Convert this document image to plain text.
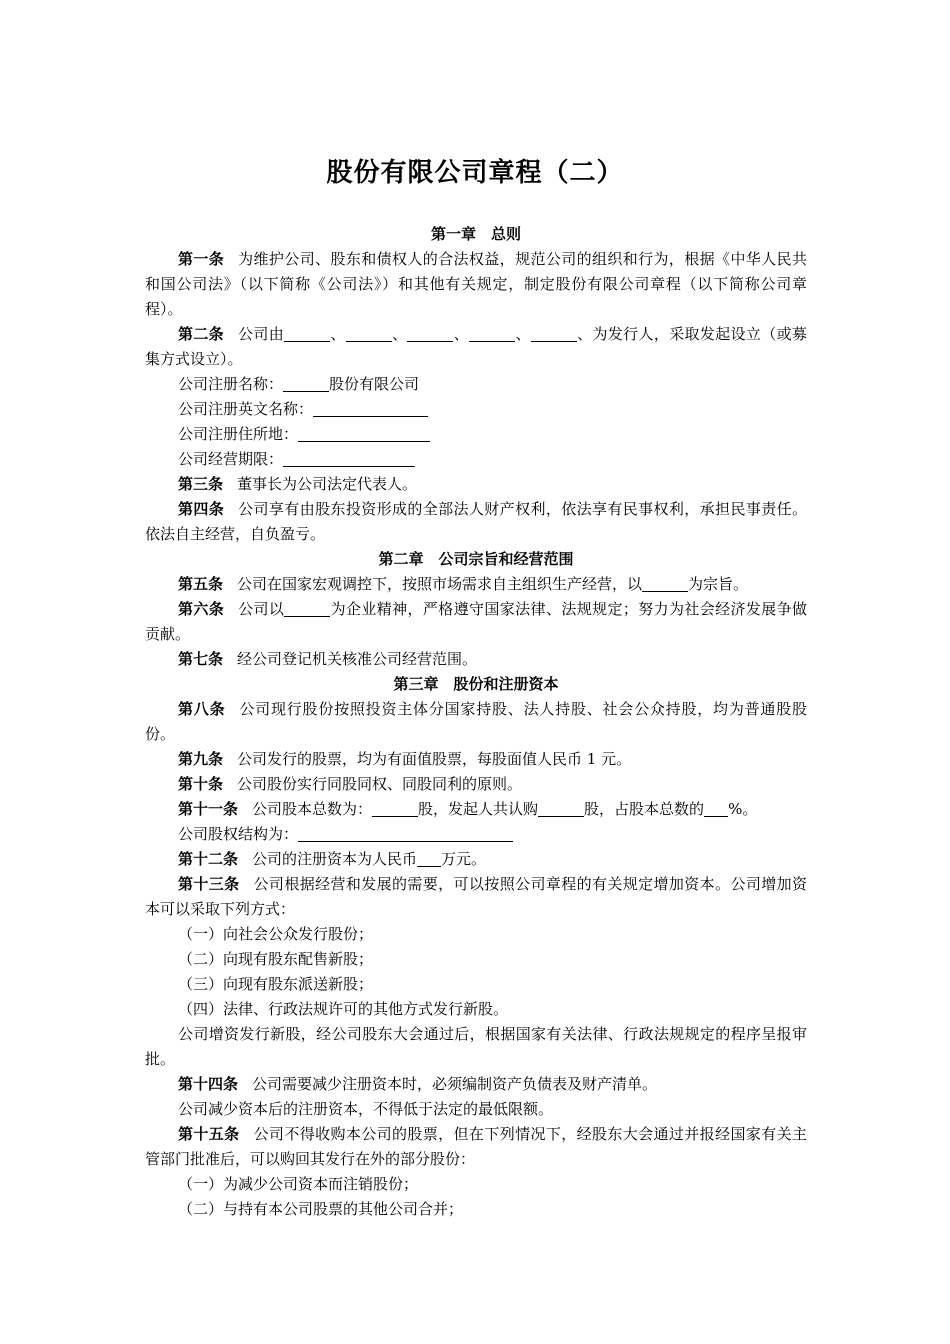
股份有限公司章程（二）
第一章　总则

第一条 为维护公司、股东和债权人的合法权益，规范公司的组织和行为，根据《中华人民共和国公司法》（以下简称《公司法》）和其他有关规定，制定股份有限公司章程（以下简称公司章程）。

第二条 公司由	、	、	、	、	、为发行人，采取发起设立（或募集方式设立）。

公司注册名称：	股份有限公司

公司注册英文名称：

公司注册住所地：

公司经营期限：

第三条 董事长为公司法定代表人。

第四条 公司享有由股东投资形成的全部法人财产权利，依法享有民事权利，承担民事责任。依法自主经营，自负盈亏。

第二章　公司宗旨和经营范围

第五条 公司在国家宏观调控下，按照市场需求自主组织生产经营，以	为宗旨。

第六条 公司以	为企业精神，严格遵守国家法律、法规规定；努力为社会经济发展争做贡献。

第七条 经公司登记机关核准公司经营范围。

第三章　股份和注册资本

第八条 公司现行股份按照投资主体分国家持股、法人持股、社会公众持股，均为普通股股份。

第九条 公司发行的股票，均为有面值股票，每股面值人民币 1 元。

第十条 公司股份实行同股同权、同股同利的原则。

第十一条 公司股本总数为：	股，发起人共认购	股，占股本总数的 %。

公司股权结构为：

第十二条 公司的注册资本为人民币 万元。

第十三条 公司根据经营和发展的需要，可以按照公司章程的有关规定增加资本。公司增加资本可以采取下列方式：

（一）向社会公众发行股份；

（二）向现有股东配售新股；

（三）向现有股东派送新股；

（四）法律、行政法规许可的其他方式发行新股。

公司增资发行新股，经公司股东大会通过后，根据国家有关法律、行政法规规定的程序呈报审批。

第十四条 公司需要减少注册资本时，必须编制资产负债表及财产清单。

公司减少资本后的注册资本，不得低于法定的最低限额。

第十五条 公司不得收购本公司的股票，但在下列情况下，经股东大会通过并报经国家有关主管部门批准后，可以购回其发行在外的部分股份：

（一）为减少公司资本而注销股份；

（二）与持有本公司股票的其他公司合并；
